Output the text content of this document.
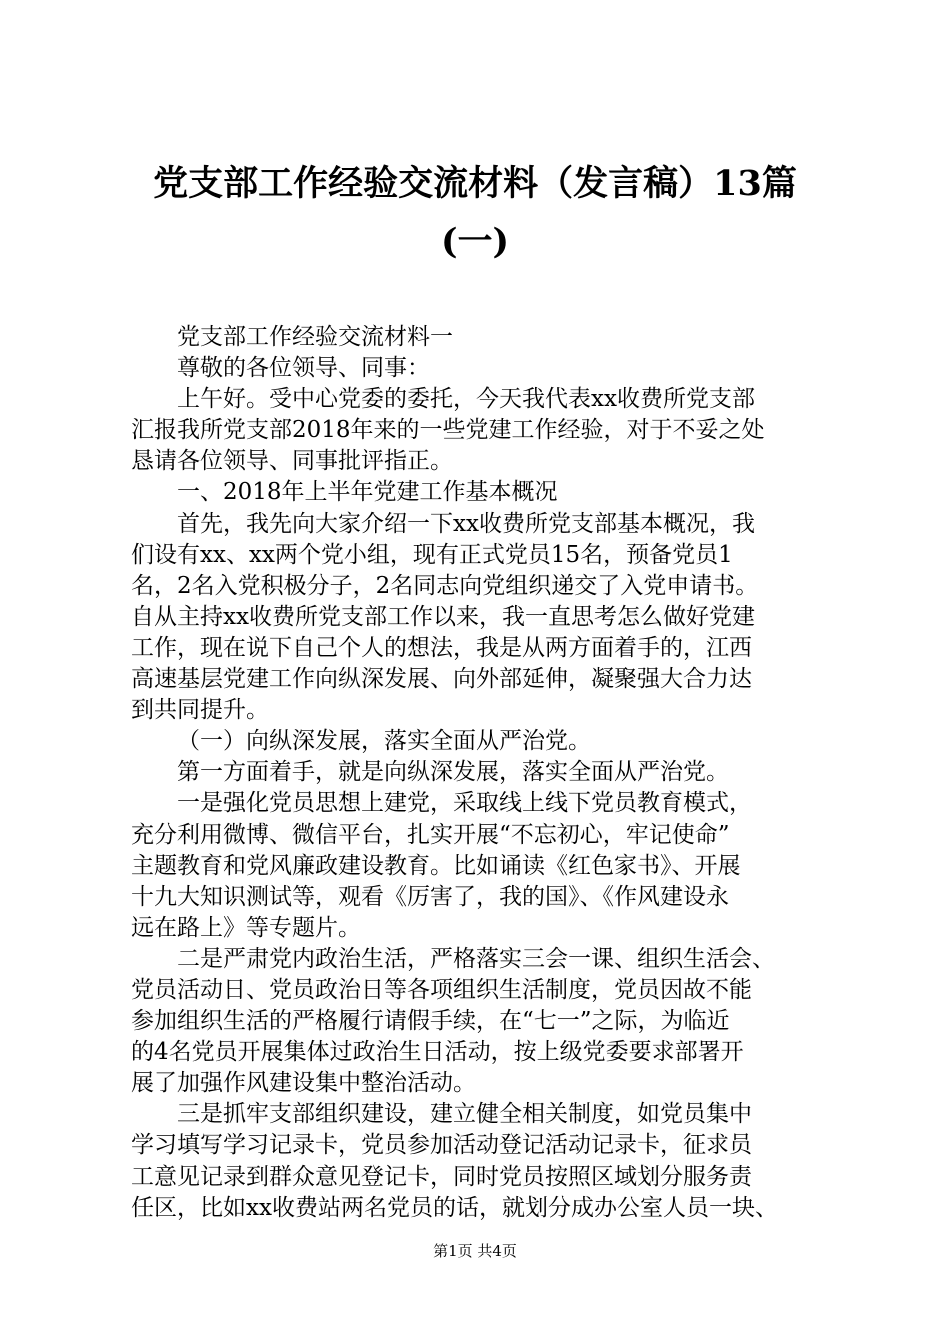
党支部工作经验交流材料（发言稿）13篇
(一)

党支部工作经验交流材料一

尊敬的各位领导、同事：

上午好。受中心党委的委托，今天我代表xx收费所党支部

汇报我所党支部2018年来的一些党建工作经验，对于不妥之处

恳请各位领导、同事批评指正。

一、2018年上半年党建工作基本概况

首先，我先向大家介绍一下xx收费所党支部基本概况，我

们设有xx、xx两个党小组，现有正式党员15名，预备党员1

名，2名入党积极分子，2名同志向党组织递交了入党申请书。

自从主持xx收费所党支部工作以来，我一直思考怎么做好党建

工作，现在说下自己个人的想法，我是从两方面着手的，江西

高速基层党建工作向纵深发展、向外部延伸，凝聚强大合力达

到共同提升。

（一）向纵深发展，落实全面从严治党。

第一方面着手，就是向纵深发展，落实全面从严治党。

一是强化党员思想上建党，采取线上线下党员教育模式，

充分利用微博、微信平台，扎实开展“不忘初心，牢记使命”

主题教育和党风廉政建设教育。比如诵读《红色家书》、开展

十九大知识测试等，观看《厉害了，我的国》、《作风建设永

远在路上》等专题片。

二是严肃党内政治生活，严格落实三会一课、组织生活会、

党员活动日、党员政治日等各项组织生活制度，党员因故不能

参加组织生活的严格履行请假手续，在“七一”之际，为临近

的4名党员开展集体过政治生日活动，按上级党委要求部署开

展了加强作风建设集中整治活动。

三是抓牢支部组织建设，建立健全相关制度，如党员集中

学习填写学习记录卡，党员参加活动登记活动记录卡，征求员

工意见记录到群众意见登记卡，同时党员按照区域划分服务责

任区，比如xx收费站两名党员的话，就划分成办公室人员一块、

第1页 共4页
